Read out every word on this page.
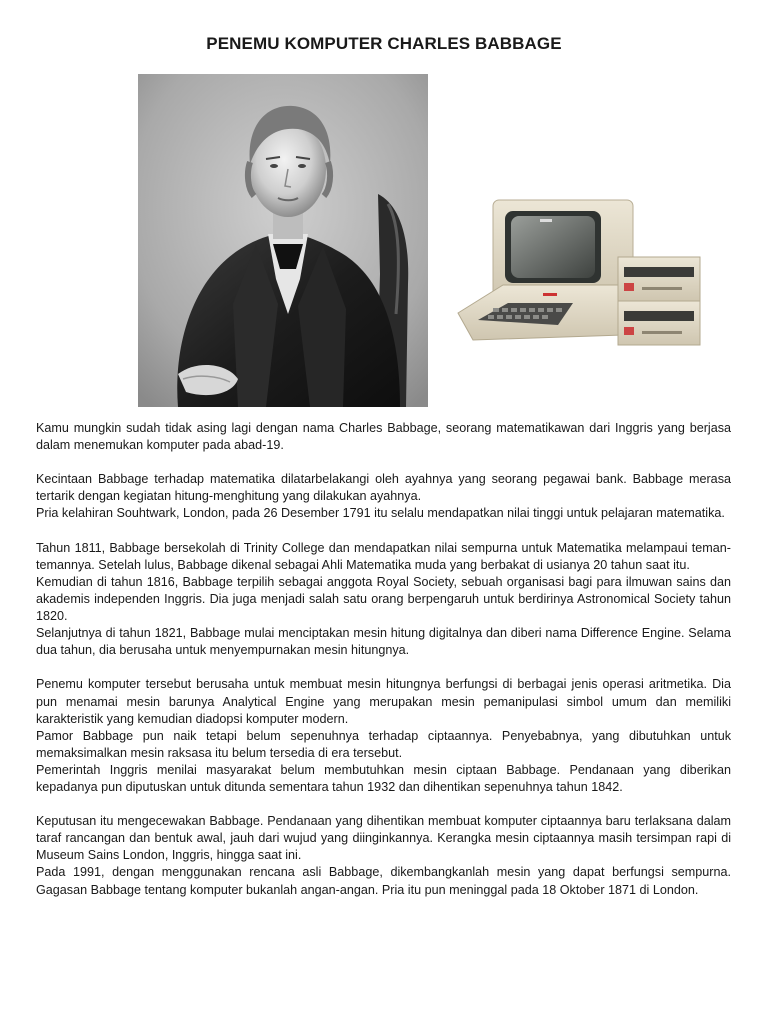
PENEMU KOMPUTER CHARLES BABBAGE

Kamu mungkin sudah tidak asing lagi dengan nama Charles Babbage, seorang matematikawan dari Inggris yang berjasa dalam menemukan komputer pada abad-19.

Kecintaan Babbage terhadap matematika dilatarbelakangi oleh ayahnya yang seorang pegawai bank. Babbage merasa tertarik dengan kegiatan hitung-menghitung yang dilakukan ayahnya.
Pria kelahiran Souhtwark, London, pada 26 Desember 1791 itu selalu mendapatkan nilai tinggi untuk pelajaran matematika.

Tahun 1811, Babbage bersekolah di Trinity College dan mendapatkan nilai sempurna untuk Matematika melampaui teman-temannya. Setelah lulus, Babbage dikenal sebagai Ahli Matematika muda yang berbakat di usianya 20 tahun saat itu.
Kemudian di tahun 1816, Babbage terpilih sebagai anggota Royal Society, sebuah organisasi bagi para ilmuwan sains dan akademis independen Inggris. Dia juga menjadi salah satu orang berpengaruh untuk berdirinya Astronomical Society tahun 1820.
Selanjutnya di tahun 1821, Babbage mulai menciptakan mesin hitung digitalnya dan diberi nama Difference Engine. Selama dua tahun, dia berusaha untuk menyempurnakan mesin hitungnya.

Penemu komputer tersebut berusaha untuk membuat mesin hitungnya berfungsi di berbagai jenis operasi aritmetika. Dia pun menamai mesin barunya Analytical Engine yang merupakan mesin pemanipulasi simbol umum dan memiliki karakteristik yang kemudian diadopsi komputer modern.
Pamor Babbage pun naik tetapi belum sepenuhnya terhadap ciptaannya. Penyebabnya, yang dibutuhkan untuk memaksimalkan mesin raksasa itu belum tersedia di era tersebut.
Pemerintah Inggris menilai masyarakat belum membutuhkan mesin ciptaan Babbage. Pendanaan yang diberikan kepadanya pun diputuskan untuk ditunda sementara tahun 1932 dan dihentikan sepenuhnya tahun 1842.

Keputusan itu mengecewakan Babbage. Pendanaan yang dihentikan membuat komputer ciptaannya baru terlaksana dalam taraf rancangan dan bentuk awal, jauh dari wujud yang diinginkannya. Kerangka mesin ciptaannya masih tersimpan rapi di Museum Sains London, Inggris, hingga saat ini.
Pada 1991, dengan menggunakan rencana asli Babbage, dikembangkanlah mesin yang dapat berfungsi sempurna. Gagasan Babbage tentang komputer bukanlah angan-angan. Pria itu pun meninggal pada 18 Oktober 1871 di London.
